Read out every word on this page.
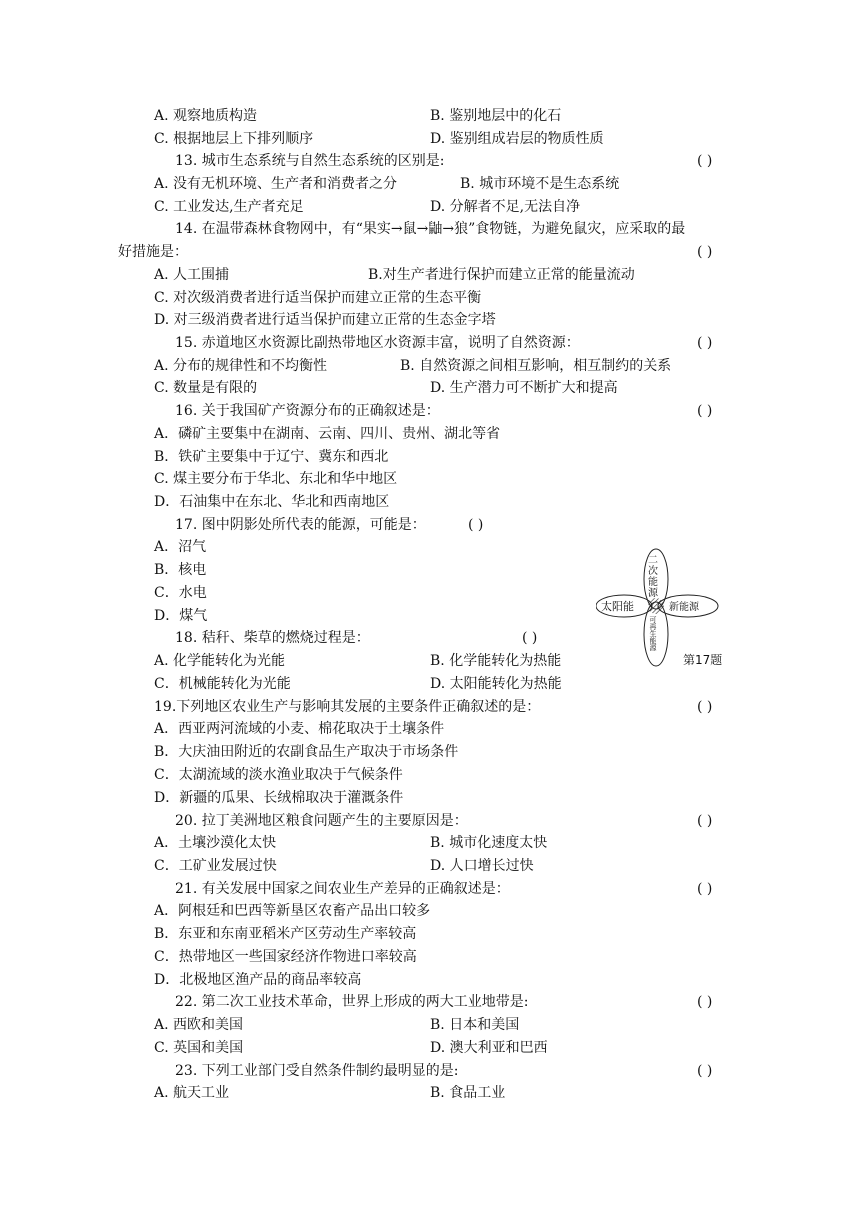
A. 观察地质构造	B. 鉴别地层中的化石
C. 根据地层上下排列顺序	D. 鉴别组成岩层的物质性质
13. 城市生态系统与自然生态系统的区别是:	( )
A. 没有无机环境、生产者和消费者之分	B. 城市环境不是生态系统
C. 工业发达,生产者充足	D. 分解者不足,无法自净
14. 在温带森林食物网中，有“果实→鼠→鼬→狼”食物链，为避免鼠灾，应采取的最
好措施是：	( )
A. 人工围捕	B.对生产者进行保护而建立正常的能量流动
C. 对次级消费者进行适当保护而建立正常的生态平衡
D. 对三级消费者进行适当保护而建立正常的生态金字塔
15. 赤道地区水资源比副热带地区水资源丰富，说明了自然资源：	( )
A. 分布的规律性和不均衡性	B. 自然资源之间相互影响，相互制约的关系
C. 数量是有限的	D. 生产潜力可不断扩大和提高
16. 关于我国矿产资源分布的正确叙述是：	( )
A．磷矿主要集中在湖南、云南、四川、贵州、湖北等省
B．铁矿主要集中于辽宁、冀东和西北
C. 煤主要分布于华北、东北和华中地区
D．石油集中在东北、华北和西南地区
17. 图中阴影处所代表的能源，可能是：	( )
A．沼气
B．核电
C．水电
D．煤气
18. 秸秆、柴草的燃烧过程是：	( )
A. 化学能转化为光能	B. 化学能转化为热能
C．机械能转化为光能	D. 太阳能转化为热能
19.下列地区农业生产与影响其发展的主要条件正确叙述的是：	( )
A．西亚两河流域的小麦、棉花取决于土壤条件
B．大庆油田附近的农副食品生产取决于市场条件
C．太湖流域的淡水渔业取决于气候条件
D．新疆的瓜果、长绒棉取决于灌溉条件
20. 拉丁美洲地区粮食问题产生的主要原因是：	( )
A．土壤沙漠化太快	B. 城市化速度太快
C．工矿业发展过快	D. 人口增长过快
21. 有关发展中国家之间农业生产差异的正确叙述是：	( )
A．阿根廷和巴西等新垦区农畜产品出口较多
B．东亚和东南亚稻米产区劳动生产率较高
C．热带地区一些国家经济作物进口率较高
D．北极地区渔产品的商品率较高
22. 第二次工业技术革命，世界上形成的两大工业地带是:	( )
A. 西欧和美国	B. 日本和美国
C. 英国和美国	D. 澳大利亚和巴西
23. 下列工业部门受自然条件制约最明显的是:	( )
A. 航天工业	B. 食品工业
二次能源
太阳能	新能源
可再生能源
第17题
